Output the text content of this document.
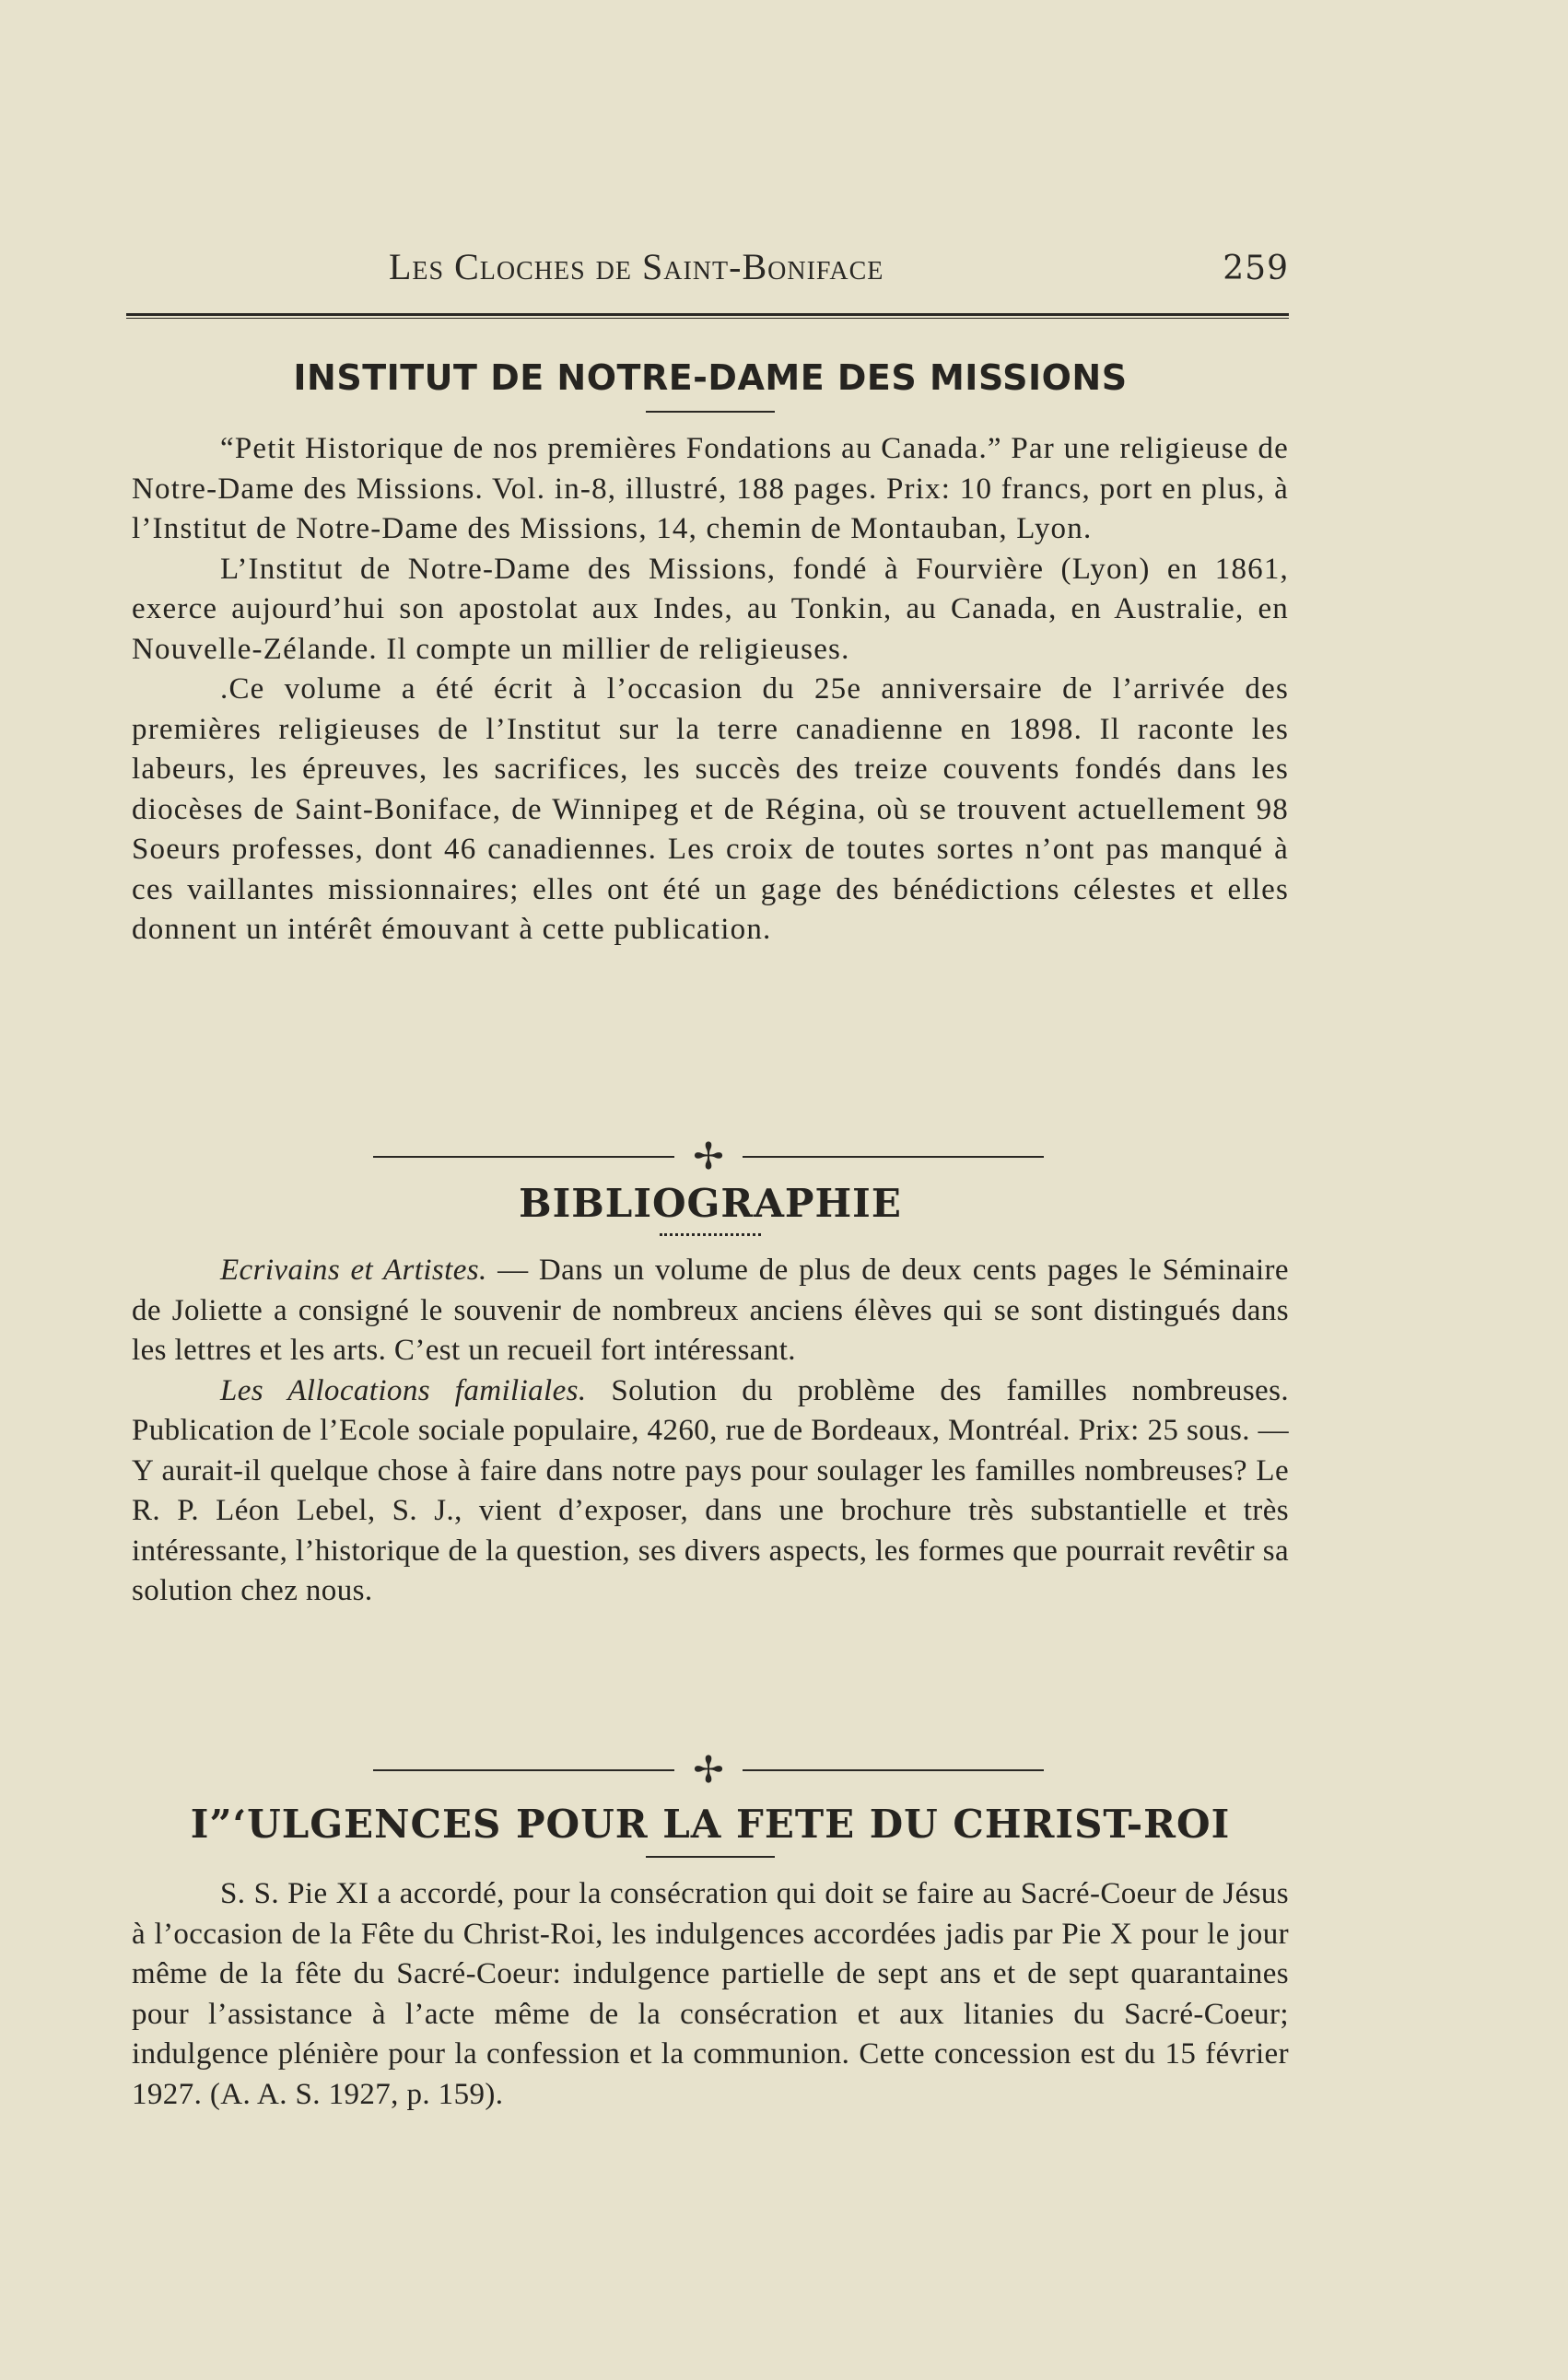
Les Cloches de Saint-Boniface	259
INSTITUT DE NOTRE-DAME DES MISSIONS

“Petit Historique de nos premières Fondations au Canada.” Par une religieuse de Notre-Dame des Missions. Vol. in-8, illustré, 188 pages. Prix: 10 francs, port en plus, à l’Institut de Notre-Dame des Missions, 14, chemin de Montauban, Lyon.

L’Institut de Notre-Dame des Missions, fondé à Fourvière (Lyon) en 1861, exerce aujourd’hui son apostolat aux Indes, au Tonkin, au Canada, en Australie, en Nouvelle-Zélande. Il compte un millier de religieuses.

.Ce volume a été écrit à l’occasion du 25e anniversaire de l’arrivée des premières religieuses de l’Institut sur la terre canadienne en 1898. Il raconte les labeurs, les épreuves, les sacrifices, les succès des treize couvents fondés dans les diocèses de Saint-Boniface, de Winnipeg et de Régina, où se trouvent actuellement 98 Soeurs professes, dont 46 canadiennes. Les croix de toutes sortes n’ont pas manqué à ces vaillantes missionnaires; elles ont été un gage des bénédictions célestes et elles donnent un intérêt émouvant à cette publication.

✢
BIBLIOGRAPHIE

Ecrivains et Artistes. — Dans un volume de plus de deux cents pages le Séminaire de Joliette a consigné le souvenir de nombreux anciens élèves qui se sont distingués dans les lettres et les arts. C’est un recueil fort intéressant.

Les Allocations familiales. Solution du problème des familles nombreuses. Publication de l’Ecole sociale populaire, 4260, rue de Bordeaux, Montréal. Prix: 25 sous. — Y aurait-il quelque chose à faire dans notre pays pour soulager les familles nombreuses? Le R. P. Léon Lebel, S. J., vient d’exposer, dans une brochure très substantielle et très intéressante, l’historique de la question, ses divers aspects, les formes que pourrait revêtir sa solution chez nous.

✢
I”‘ULGENCES POUR LA FETE DU CHRIST-ROI

S. S. Pie XI a accordé, pour la consécration qui doit se faire au Sacré-Coeur de Jésus à l’occasion de la Fête du Christ-Roi, les indulgences accordées jadis par Pie X pour le jour même de la fête du Sacré-Coeur: indulgence partielle de sept ans et de sept quarantaines pour l’assistance à l’acte même de la consécration et aux litanies du Sacré-Coeur; indulgence plénière pour la confession et la communion. Cette concession est du 15 février 1927. (A. A. S. 1927, p. 159).
